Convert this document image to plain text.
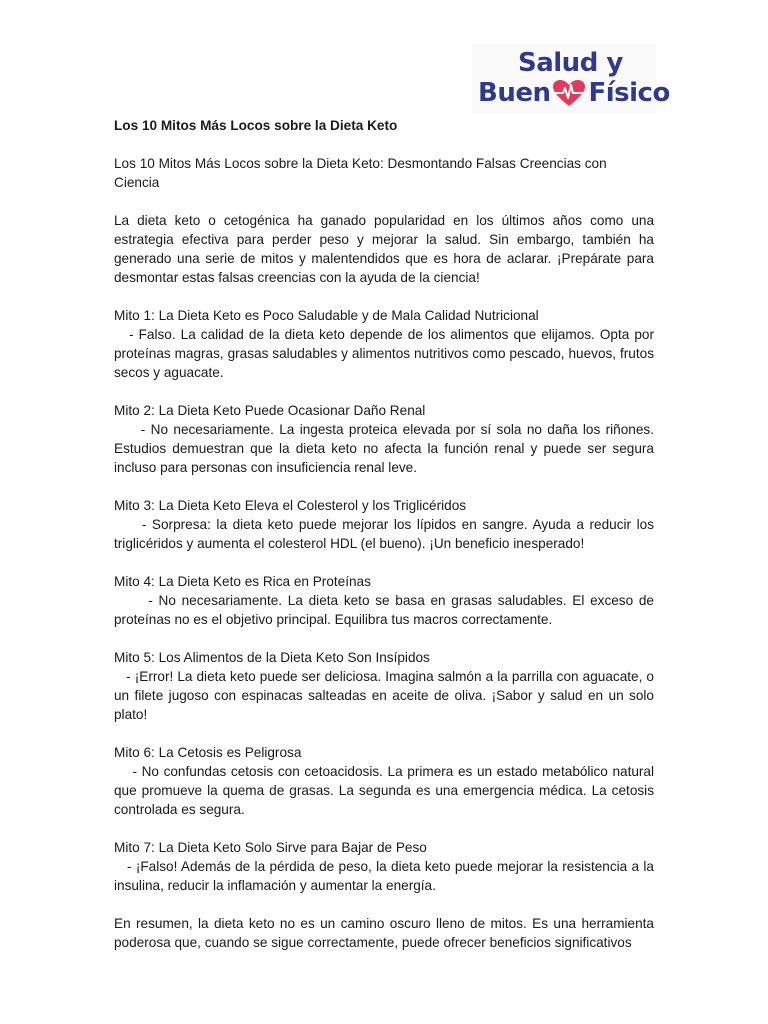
Salud y
Buen Físico

Los 10 Mitos Más Locos sobre la Dieta Keto

Los 10 Mitos Más Locos sobre la Dieta Keto: Desmontando Falsas Creencias con Ciencia

La dieta keto o cetogénica ha ganado popularidad en los últimos años como una estrategia efectiva para perder peso y mejorar la salud. Sin embargo, también ha generado una serie de mitos y malentendidos que es hora de aclarar. ¡Prepárate para desmontar estas falsas creencias con la ayuda de la ciencia!

Mito 1: La Dieta Keto es Poco Saludable y de Mala Calidad Nutricional

- Falso. La calidad de la dieta keto depende de los alimentos que elijamos. Opta por proteínas magras, grasas saludables y alimentos nutritivos como pescado, huevos, frutos secos y aguacate.

Mito 2: La Dieta Keto Puede Ocasionar Daño Renal

- No necesariamente. La ingesta proteica elevada por sí sola no daña los riñones. Estudios demuestran que la dieta keto no afecta la función renal y puede ser segura incluso para personas con insuficiencia renal leve.

Mito 3: La Dieta Keto Eleva el Colesterol y los Triglicéridos

- Sorpresa: la dieta keto puede mejorar los lípidos en sangre. Ayuda a reducir los triglicéridos y aumenta el colesterol HDL (el bueno). ¡Un beneficio inesperado!

Mito 4: La Dieta Keto es Rica en Proteínas

- No necesariamente. La dieta keto se basa en grasas saludables. El exceso de proteínas no es el objetivo principal. Equilibra tus macros correctamente.

Mito 5: Los Alimentos de la Dieta Keto Son Insípidos

- ¡Error! La dieta keto puede ser deliciosa. Imagina salmón a la parrilla con aguacate, o un filete jugoso con espinacas salteadas en aceite de oliva. ¡Sabor y salud en un solo plato!

Mito 6: La Cetosis es Peligrosa

- No confundas cetosis con cetoacidosis. La primera es un estado metabólico natural que promueve la quema de grasas. La segunda es una emergencia médica. La cetosis controlada es segura.

Mito 7: La Dieta Keto Solo Sirve para Bajar de Peso

- ¡Falso! Además de la pérdida de peso, la dieta keto puede mejorar la resistencia a la insulina, reducir la inflamación y aumentar la energía.

En resumen, la dieta keto no es un camino oscuro lleno de mitos. Es una herramienta poderosa que, cuando se sigue correctamente, puede ofrecer beneficios significativos
